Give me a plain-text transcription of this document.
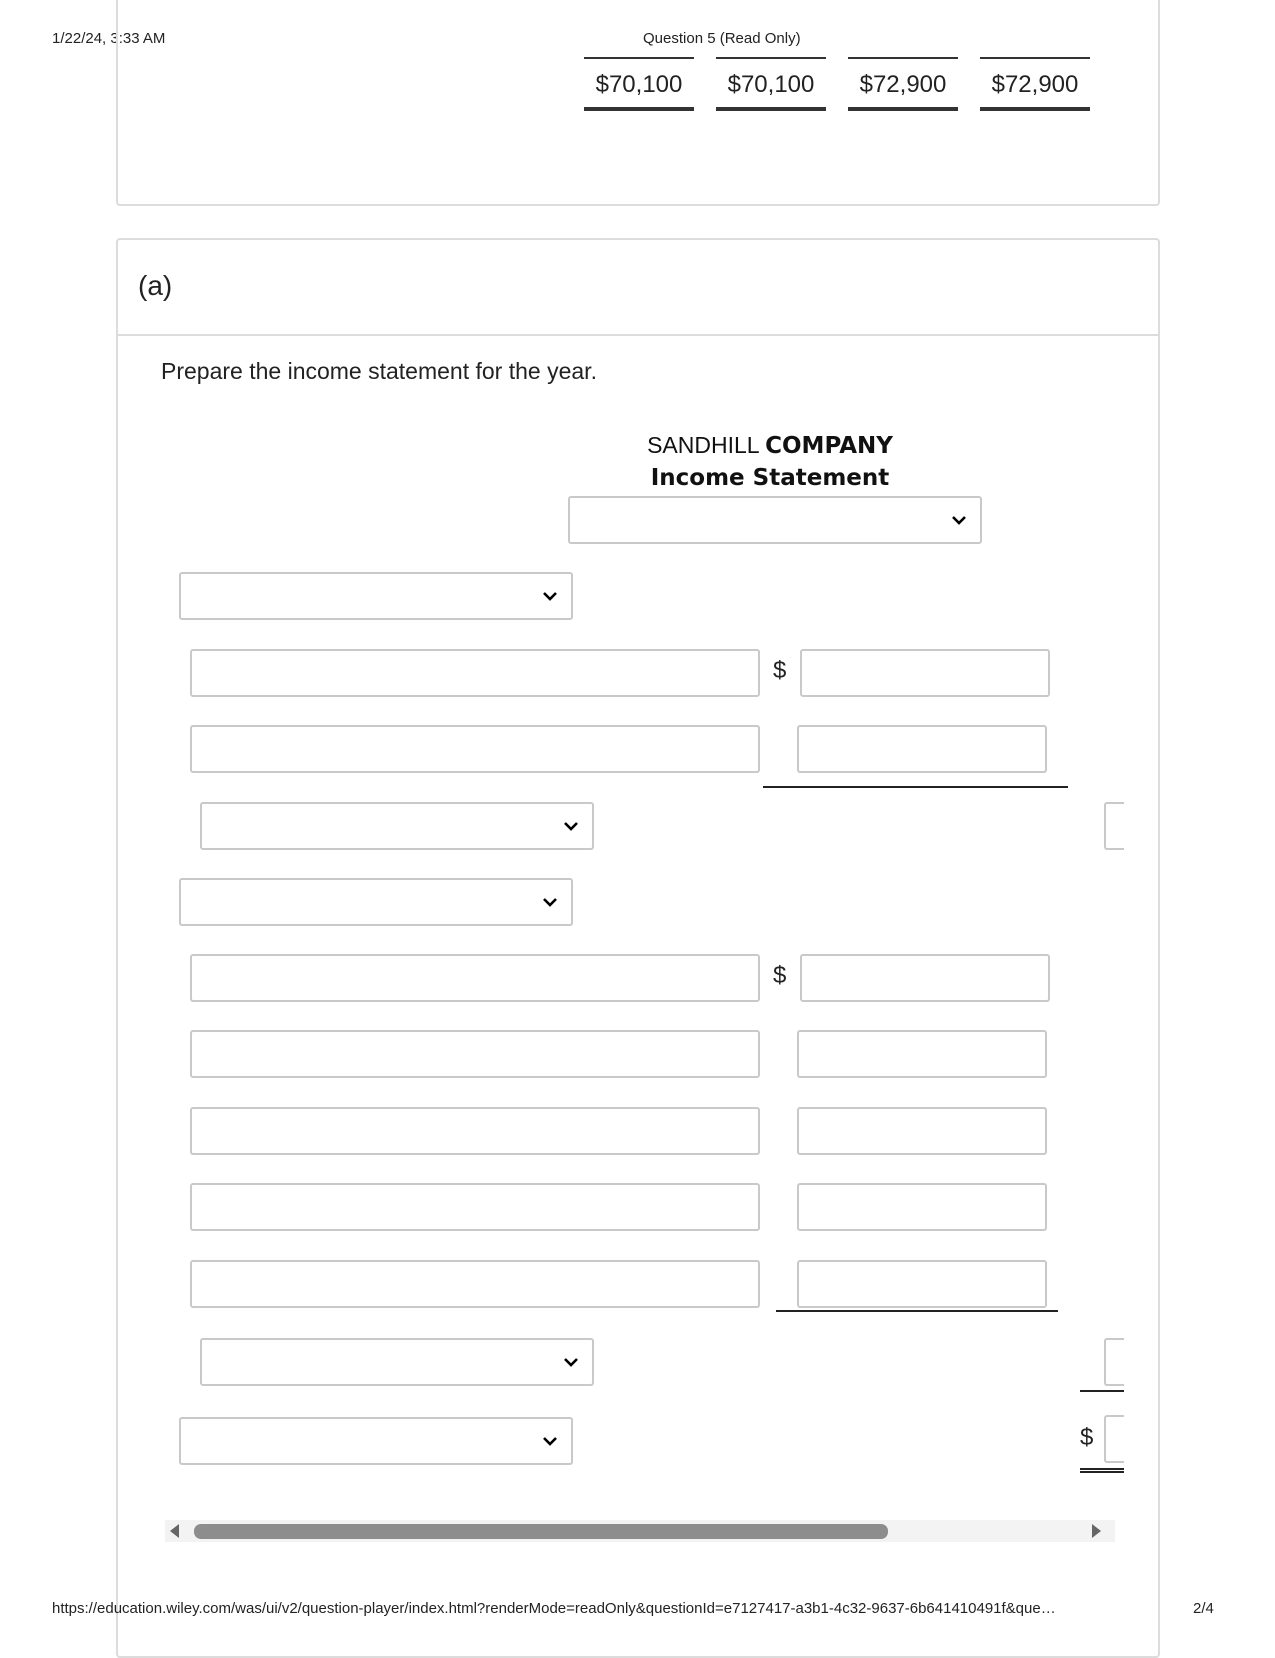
1/22/24, 3:33 AM	Question 5 (Read Only)
$70,100	$70,100	$72,900	$72,900
(a)
Prepare the income statement for the year.
SANDHILL COMPANY
Income Statement
$
$
$
https://education.wiley.com/was/ui/v2/question-player/index.html?renderMode=readOnly&questionId=e7127417-a3b1-4c32-9637-6b641410491f&que…	2/4
